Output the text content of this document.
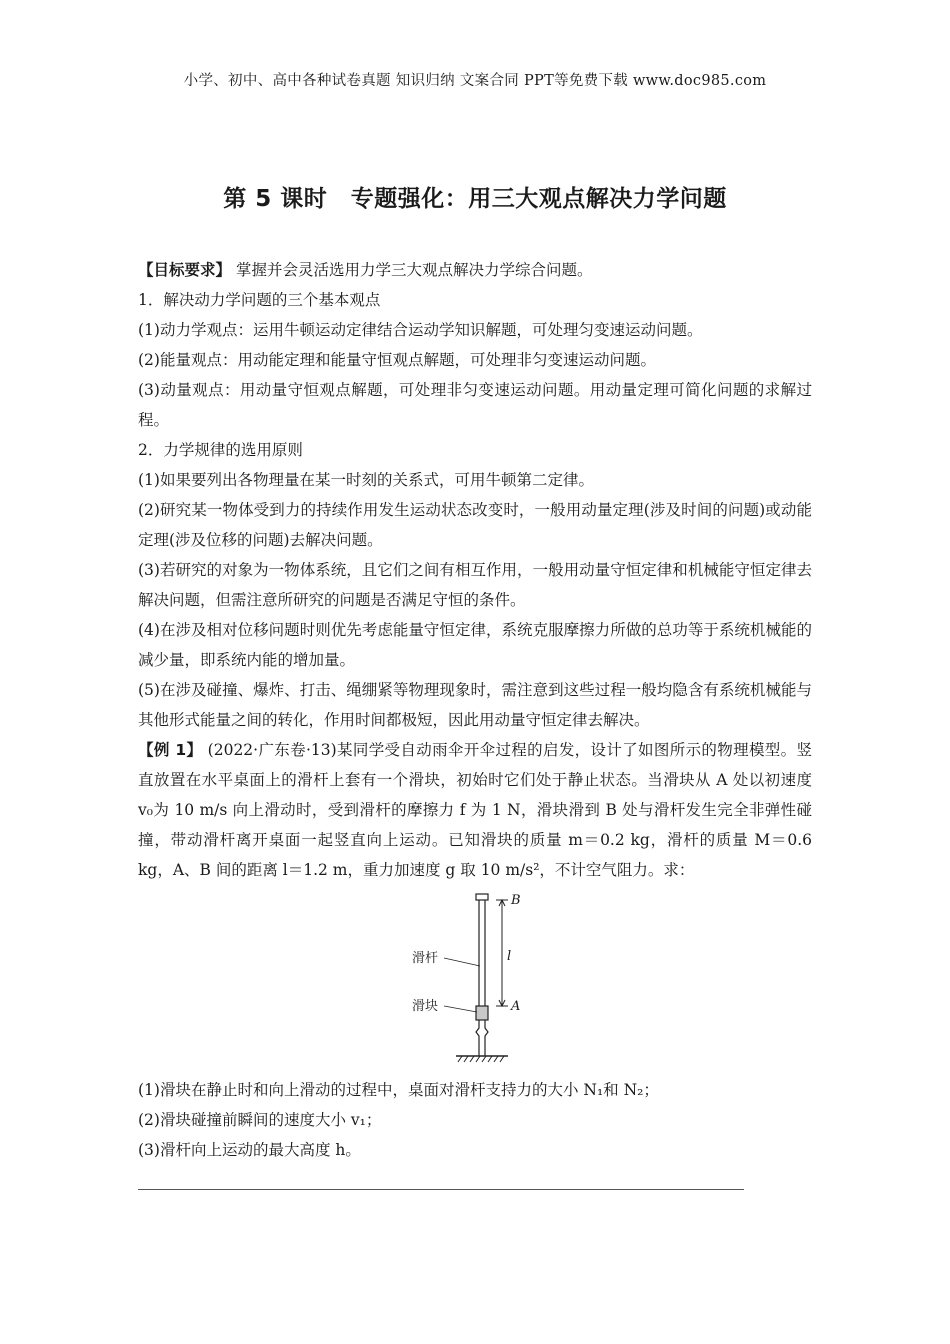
小学、初中、高中各种试卷真题 知识归纳 文案合同 PPT等免费下载 www.doc985.com
第 5 课时　专题强化：用三大观点解决力学问题

【目标要求】 掌握并会灵活选用力学三大观点解决力学综合问题。

1．解决动力学问题的三个基本观点

(1)动力学观点：运用牛顿运动定律结合运动学知识解题，可处理匀变速运动问题。

(2)能量观点：用动能定理和能量守恒观点解题，可处理非匀变速运动问题。

(3)动量观点：用动量守恒观点解题，可处理非匀变速运动问题。用动量定理可简化问题的求解过程。

2．力学规律的选用原则

(1)如果要列出各物理量在某一时刻的关系式，可用牛顿第二定律。

(2)研究某一物体受到力的持续作用发生运动状态改变时，一般用动量定理(涉及时间的问题)或动能定理(涉及位移的问题)去解决问题。

(3)若研究的对象为一物体系统，且它们之间有相互作用，一般用动量守恒定律和机械能守恒定律去解决问题，但需注意所研究的问题是否满足守恒的条件。

(4)在涉及相对位移问题时则优先考虑能量守恒定律，系统克服摩擦力所做的总功等于系统机械能的减少量，即系统内能的增加量。

(5)在涉及碰撞、爆炸、打击、绳绷紧等物理现象时，需注意到这些过程一般均隐含有系统机械能与其他形式能量之间的转化，作用时间都极短，因此用动量守恒定律去解决。

【例 1】 (2022·广东卷·13)某同学受自动雨伞开伞过程的启发，设计了如图所示的物理模型。竖直放置在水平桌面上的滑杆上套有一个滑块，初始时它们处于静止状态。当滑块从 A 处以初速度 v₀为 10 m/s 向上滑动时，受到滑杆的摩擦力 f 为 1 N，滑块滑到 B 处与滑杆发生完全非弹性碰撞，带动滑杆离开桌面一起竖直向上运动。已知滑块的质量 m＝0.2 kg，滑杆的质量 M＝0.6 kg，A、B 间的距离 l＝1.2 m，重力加速度 g 取 10 m/s²，不计空气阻力。求：

滑杆
滑块
B
A
l

(1)滑块在静止时和向上滑动的过程中，桌面对滑杆支持力的大小 N₁和 N₂；

(2)滑块碰撞前瞬间的速度大小 v₁；

(3)滑杆向上运动的最大高度 h。
